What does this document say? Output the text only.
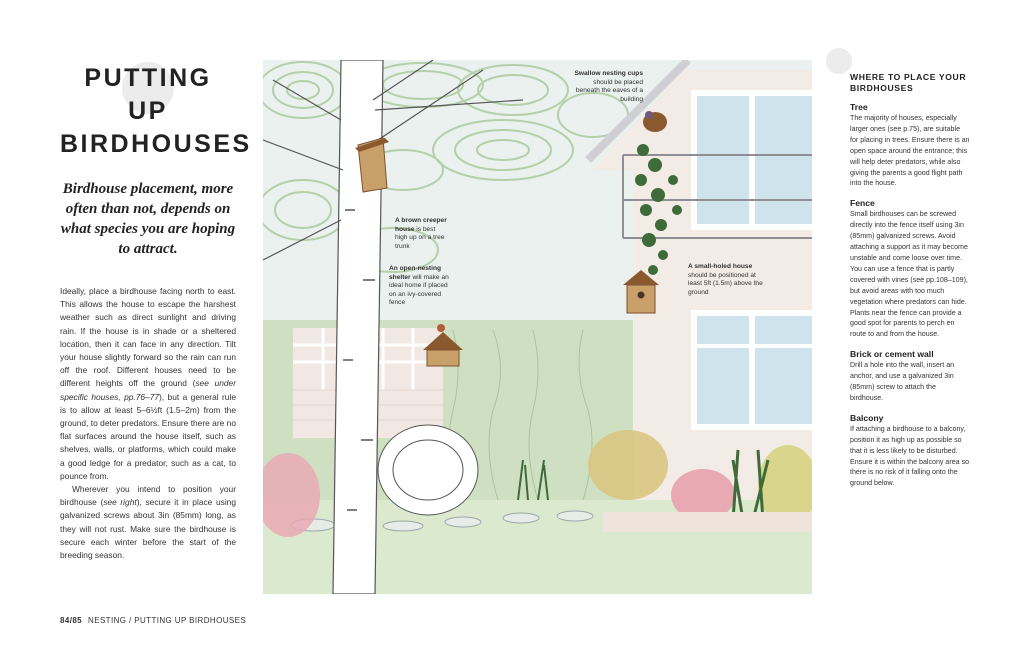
PUTTING UP
BIRDHOUSES

Birdhouse placement, more often than not, depends on what species you are hoping to attract.

Ideally, place a birdhouse facing north to east. This allows the house to escape the harshest weather such as direct sunlight and driving rain. If the house is in shade or a sheltered location, then it can face in any direction. Tilt your house slightly forward so the rain can run off the roof. Different houses need to be different heights off the ground (see under specific houses, pp.76–77), but a general rule is to allow at least 5–6½ft (1.5–2m) from the ground, to deter predators. Ensure there are no flat surfaces around the house itself, such as shelves, walls, or platforms, which could make a good ledge for a predator, such as a cat, to pounce from.

Wherever you intend to position your birdhouse (see right), secure it in place using galvanized screws about 3in (85mm) long, as they will not rust. Make sure the birdhouse is secure each winter before the start of the breeding season.

84/85 NESTING / PUTTING UP BIRDHOUSES
Swallow nesting cups should be placed beneath the eaves of a building
A brown creeper house is best high up on a tree trunk
An open-nesting shelter will make an ideal home if placed on an ivy-covered fence
A small-holed house should be positioned at least 5ft (1.5m) above the ground
WHERE TO PLACE YOUR BIRDHOUSES
Tree
The majority of houses, especially larger ones (see p.75), are suitable for placing in trees. Ensure there is an open space around the entrance; this will help deter predators, while also giving the parents a good flight path into the house.
Fence
Small birdhouses can be screwed directly into the fence itself using 3in (85mm) galvanized screws. Avoid attaching a support as it may become unstable and come loose over time. You can use a fence that is partly covered with vines (see pp.108–109), but avoid areas with too much vegetation where predators can hide. Plants near the fence can provide a good spot for parents to perch en route to and from the house.
Brick or cement wall
Drill a hole into the wall, insert an anchor, and use a galvanized 3in (85mm) screw to attach the birdhouse.
Balcony
If attaching a birdhouse to a balcony, position it as high up as possible so that it is less likely to be disturbed. Ensure it is within the balcony area so there is no risk of it falling onto the ground below.
